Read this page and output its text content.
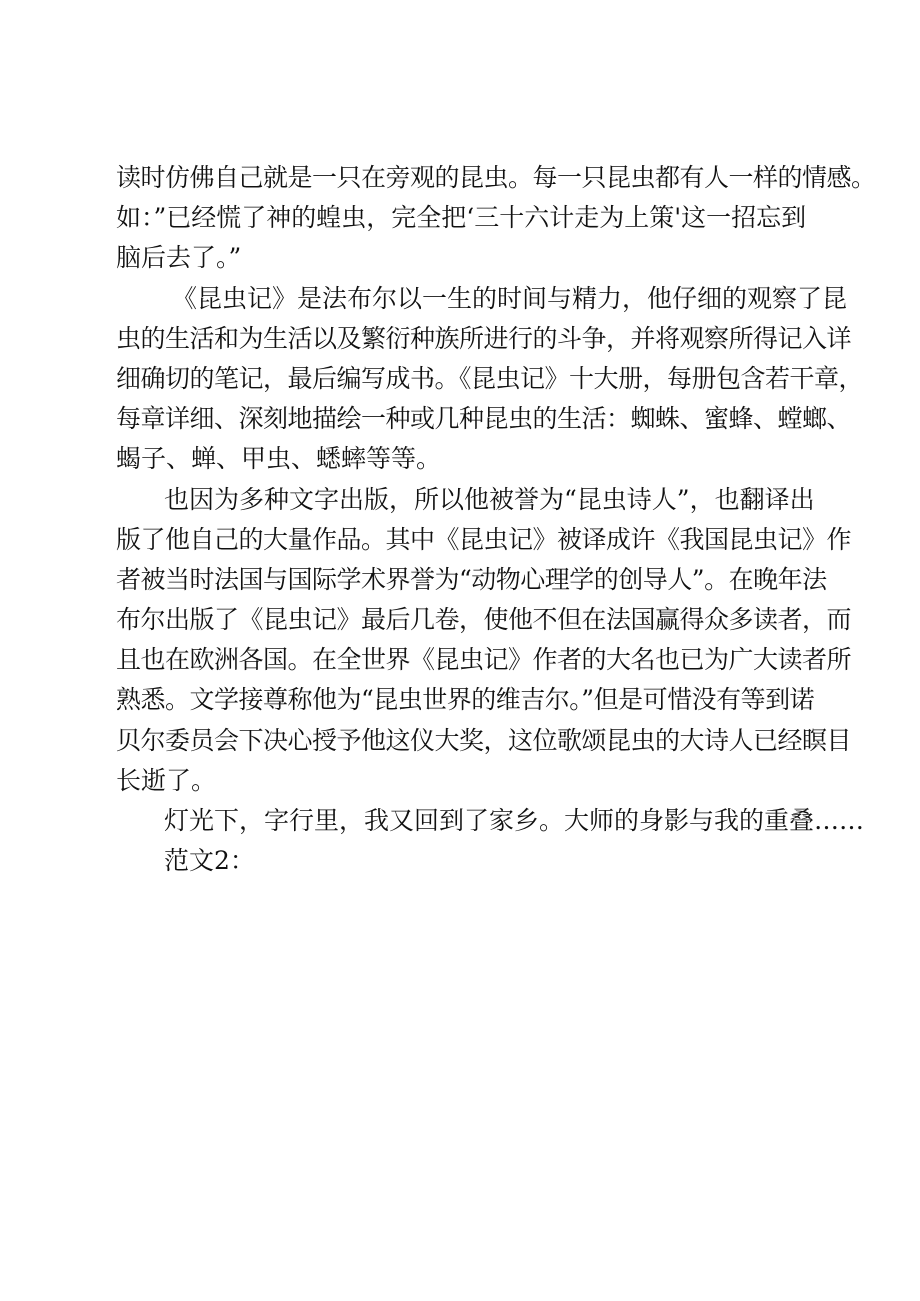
读时仿佛自己就是一只在旁观的昆虫。每一只昆虫都有人一样的情感。
如：”已经慌了神的蝗虫，完全把‘三十六计走为上策'这一招忘到
脑后去了。”
《昆虫记》是法布尔以一生的时间与精力，他仔细的观察了昆
虫的生活和为生活以及繁衍种族所进行的斗争，并将观察所得记入详
细确切的笔记，最后编写成书。《昆虫记》十大册，每册包含若干章，
每章详细、深刻地描绘一种或几种昆虫的生活：蜘蛛、蜜蜂、螳螂、
蝎子、蝉、甲虫、蟋蟀等等。
也因为多种文字出版，所以他被誉为“昆虫诗人”，也翻译出
版了他自己的大量作品。其中《昆虫记》被译成许《我国昆虫记》作
者被当时法国与国际学术界誉为“动物心理学的创导人”。在晚年法
布尔出版了《昆虫记》最后几卷，使他不但在法国赢得众多读者，而
且也在欧洲各国。在全世界《昆虫记》作者的大名也已为广大读者所
熟悉。文学接尊称他为“昆虫世界的维吉尔。”但是可惜没有等到诺
贝尔委员会下决心授予他这仪大奖，这位歌颂昆虫的大诗人已经瞑目
长逝了。
灯光下，字行里，我又回到了家乡。大师的身影与我的重叠……
范文2：
